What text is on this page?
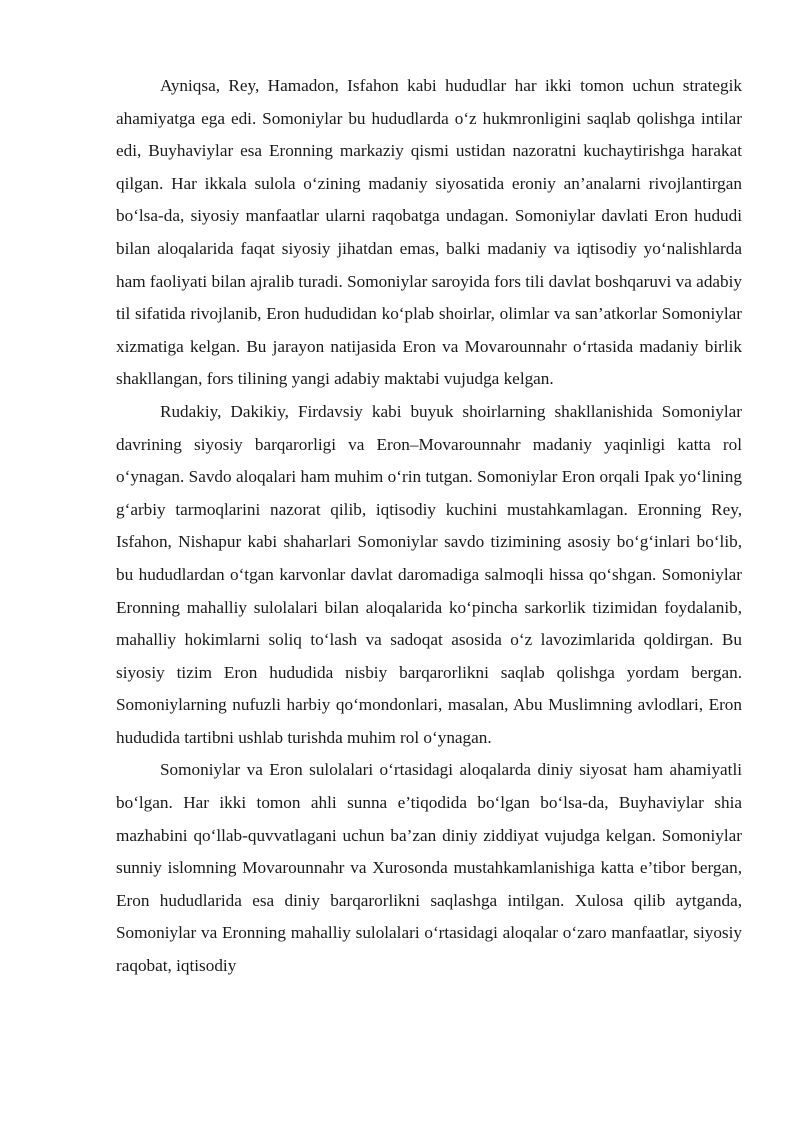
Ayniqsa, Rey, Hamadon, Isfahon kabi hududlar har ikki tomon uchun strategik ahamiyatga ega edi. Somoniylar bu hududlarda o‘z hukmronligini saqlab qolishga intilar edi, Buyhaviylar esa Eronning markaziy qismi ustidan nazoratni kuchaytirishga harakat qilgan. Har ikkala sulola o‘zining madaniy siyosatida eroniy an’analarni rivojlantirgan bo‘lsa-da, siyosiy manfaatlar ularni raqobatga undagan. Somoniylar davlati Eron hududi bilan aloqalarida faqat siyosiy jihatdan emas, balki madaniy va iqtisodiy yo‘nalishlarda ham faoliyati bilan ajralib turadi. Somoniylar saroyida fors tili davlat boshqaruvi va adabiy til sifatida rivojlanib, Eron hududidan ko‘plab shoirlar, olimlar va san’atkorlar Somoniylar xizmatiga kelgan. Bu jarayon natijasida Eron va Movarounnahr o‘rtasida madaniy birlik shakllangan, fors tilining yangi adabiy maktabi vujudga kelgan.

Rudakiy, Dakikiy, Firdavsiy kabi buyuk shoirlarning shakllanishida Somoniylar davrining siyosiy barqarorligi va Eron–Movarounnahr madaniy yaqinligi katta rol o‘ynagan. Savdo aloqalari ham muhim o‘rin tutgan. Somoniylar Eron orqali Ipak yo‘lining g‘arbiy tarmoqlarini nazorat qilib, iqtisodiy kuchini mustahkamlagan. Eronning Rey, Isfahon, Nishapur kabi shaharlari Somoniylar savdo tizimining asosiy bo‘g‘inlari bo‘lib, bu hududlardan o‘tgan karvonlar davlat daromadiga salmoqli hissa qo‘shgan. Somoniylar Eronning mahalliy sulolalari bilan aloqalarida ko‘pincha sarkorlik tizimidan foydalanib, mahalliy hokimlarni soliq to‘lash va sadoqat asosida o‘z lavozimlarida qoldirgan. Bu siyosiy tizim Eron hududida nisbiy barqarorlikni saqlab qolishga yordam bergan. Somoniylarning nufuzli harbiy qo‘mondonlari, masalan, Abu Muslimning avlodlari, Eron hududida tartibni ushlab turishda muhim rol o‘ynagan.

Somoniylar va Eron sulolalari o‘rtasidagi aloqalarda diniy siyosat ham ahamiyatli bo‘lgan. Har ikki tomon ahli sunna e’tiqodida bo‘lgan bo‘lsa-da, Buyhaviylar shia mazhabini qo‘llab-quvvatlagani uchun ba’zan diniy ziddiyat vujudga kelgan. Somoniylar sunniy islomning Movarounnahr va Xurosonda mustahkamlanishiga katta e’tibor bergan, Eron hududlarida esa diniy barqarorlikni saqlashga intilgan. Xulosa qilib aytganda, Somoniylar va Eronning mahalliy sulolalari o‘rtasidagi aloqalar o‘zaro manfaatlar, siyosiy raqobat, iqtisodiy
